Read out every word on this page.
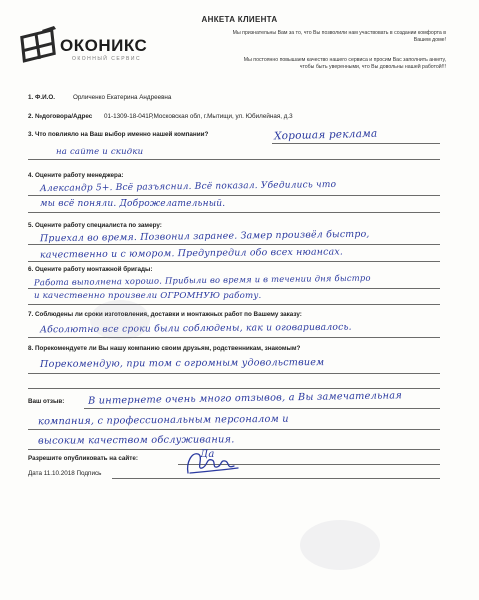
АНКЕТА КЛИЕНТА
ОКОНИКС
ОКОННЫЙ СЕРВИС
Мы признательны Вам за то, что Вы позволили нам участвовать в создании комфорта в Вашем доме!
Мы постоянно повышаем качество нашего сервиса и просим Вас заполнить анкету, чтобы быть уверенными, что Вы довольны нашей работой!!!
1. Ф.И.О.	Орличенко Екатерина Андреевна
2. №договора/Адрес 01-1309-18-041Р,Московская обл, г.Мытищи, ул. Юбилейная, д.3
3. Что повлияло на Ваш выбор именно нашей компании?	Хорошая реклама
на сайте и скидки
4. Оцените работу менеджера:
Александр 5+. Всё разъяснил. Всё показал. Убедились что
мы всё поняли. Доброжелательный.
5. Оцените работу специалиста по замеру:
Приехал во время. Позвонил заранее. Замер произвёл быстро,
качественно и с юмором. Предупредил обо всех нюансах.
6. Оцените работу монтажной бригады:
Работа выполнена хорошо. Прибыли во время и в течении дня быстро
и качественно произвели ОГРОМНУЮ работу.
7. Соблюдены ли сроки изготовления, доставки и монтажных работ по Вашему заказу:
Абсолютно все сроки были соблюдены, как и оговаривалось.
8. Порекомендуете ли Вы нашу компанию своим друзьям, родственникам, знакомым?
Порекомендую, при том с огромным удовольствием
Ваш отзыв: В интернете очень много отзывов, а Вы замечательная
компания, с профессиональным персоналом и
высоким качеством обслуживания.
Разрешите опубликовать на сайте:	Да
Дата 11.10.2018 Подпись
